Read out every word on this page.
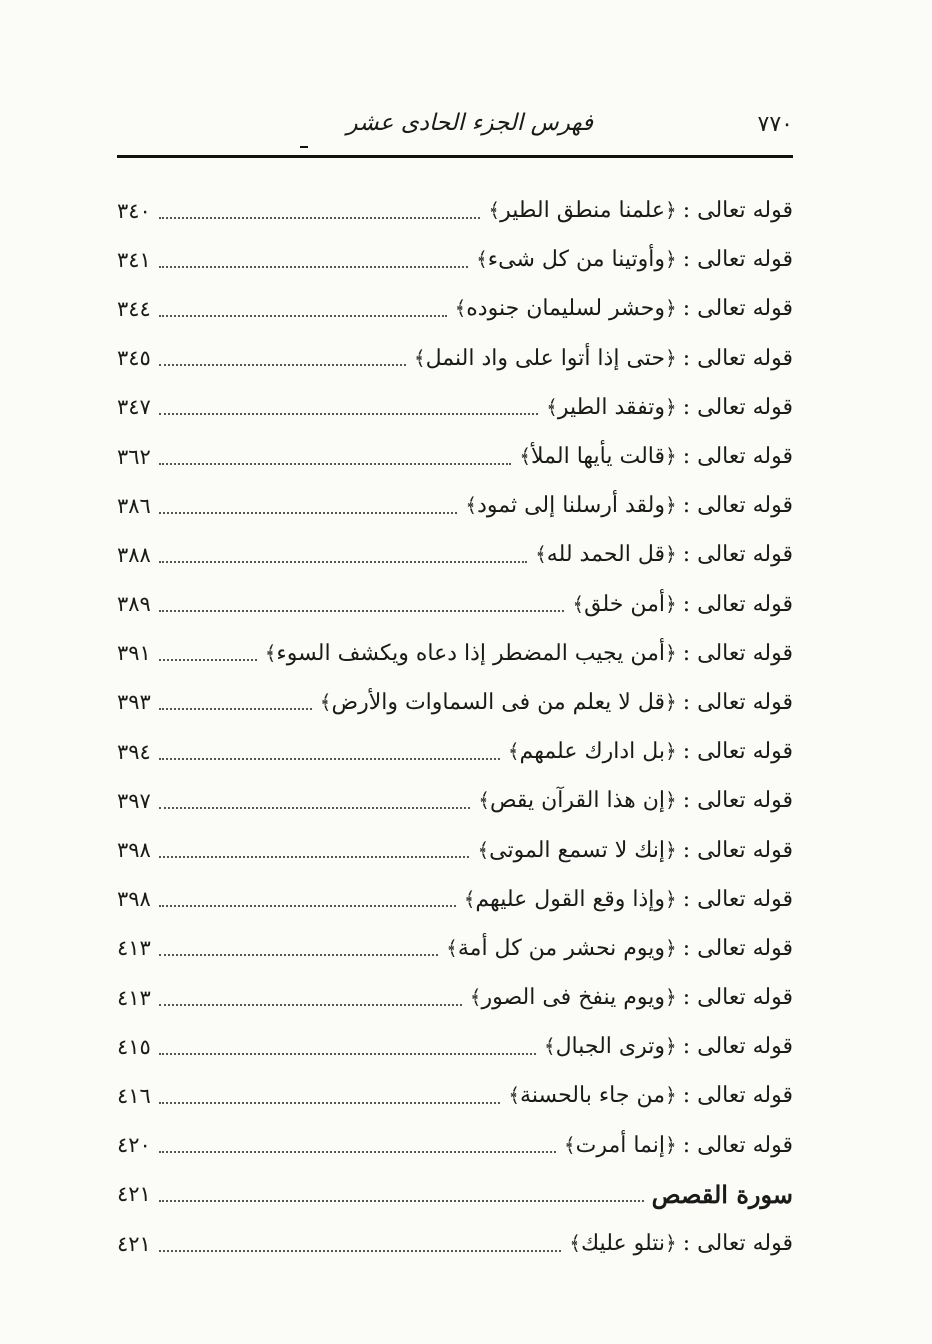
٧٧٠
فهرس الجزء الحادى عشر
قوله تعالى :
﴿علمنا منطق الطير﴾
٣٤٠
قوله تعالى :
﴿وأوتينا من كل شىء﴾
٣٤١
قوله تعالى :
﴿وحشر لسليمان جنوده﴾
٣٤٤
قوله تعالى :
﴿حتى إذا أتوا على واد النمل﴾
٣٤٥
قوله تعالى :
﴿وتفقد الطير﴾
٣٤٧
قوله تعالى :
﴿قالت يأيها الملأ﴾
٣٦٢
قوله تعالى :
﴿ولقد أرسلنا إلى ثمود﴾
٣٨٦
قوله تعالى :
﴿قل الحمد لله﴾
٣٨٨
قوله تعالى :
﴿أمن خلق﴾
٣٨٩
قوله تعالى :
﴿أمن يجيب المضطر إذا دعاه ويكشف السوء﴾
٣٩١
قوله تعالى :
﴿قل لا يعلم من فى السماوات والأرض﴾
٣٩٣
قوله تعالى :
﴿بل ادارك علمهم﴾
٣٩٤
قوله تعالى :
﴿إن هذا القرآن يقص﴾
٣٩٧
قوله تعالى :
﴿إنك لا تسمع الموتى﴾
٣٩٨
قوله تعالى :
﴿وإذا وقع القول عليهم﴾
٣٩٨
قوله تعالى :
﴿ويوم نحشر من كل أمة﴾
٤١٣
قوله تعالى :
﴿ويوم ينفخ فى الصور﴾
٤١٣
قوله تعالى :
﴿وترى الجبال﴾
٤١٥
قوله تعالى :
﴿من جاء بالحسنة﴾
٤١٦
قوله تعالى :
﴿إنما أمرت﴾
٤٢٠
سورة القصص
٤٢١
قوله تعالى :
﴿نتلو عليك﴾
٤٢١
